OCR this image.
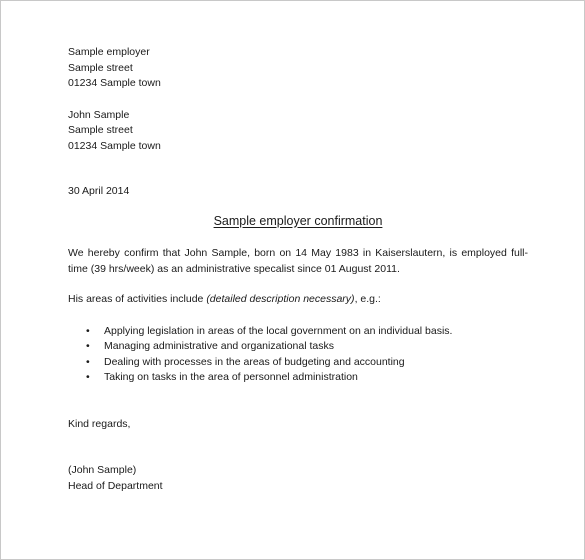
Sample employer

Sample street

01234 Sample town

John Sample

Sample street

01234 Sample town

30 April 2014

Sample employer confirmation

We hereby confirm that John Sample, born on 14 May 1983 in Kaiserslautern, is employed full-time (39 hrs/week) as an administrative specalist since 01 August 2011.

His areas of activities include (detailed description necessary), e.g.:

• Applying legislation in areas of the local government on an individual basis.
• Managing administrative and organizational tasks
• Dealing with processes in the areas of budgeting and accounting
• Taking on tasks in the area of personnel administration

Kind regards,

(John Sample)

Head of Department
